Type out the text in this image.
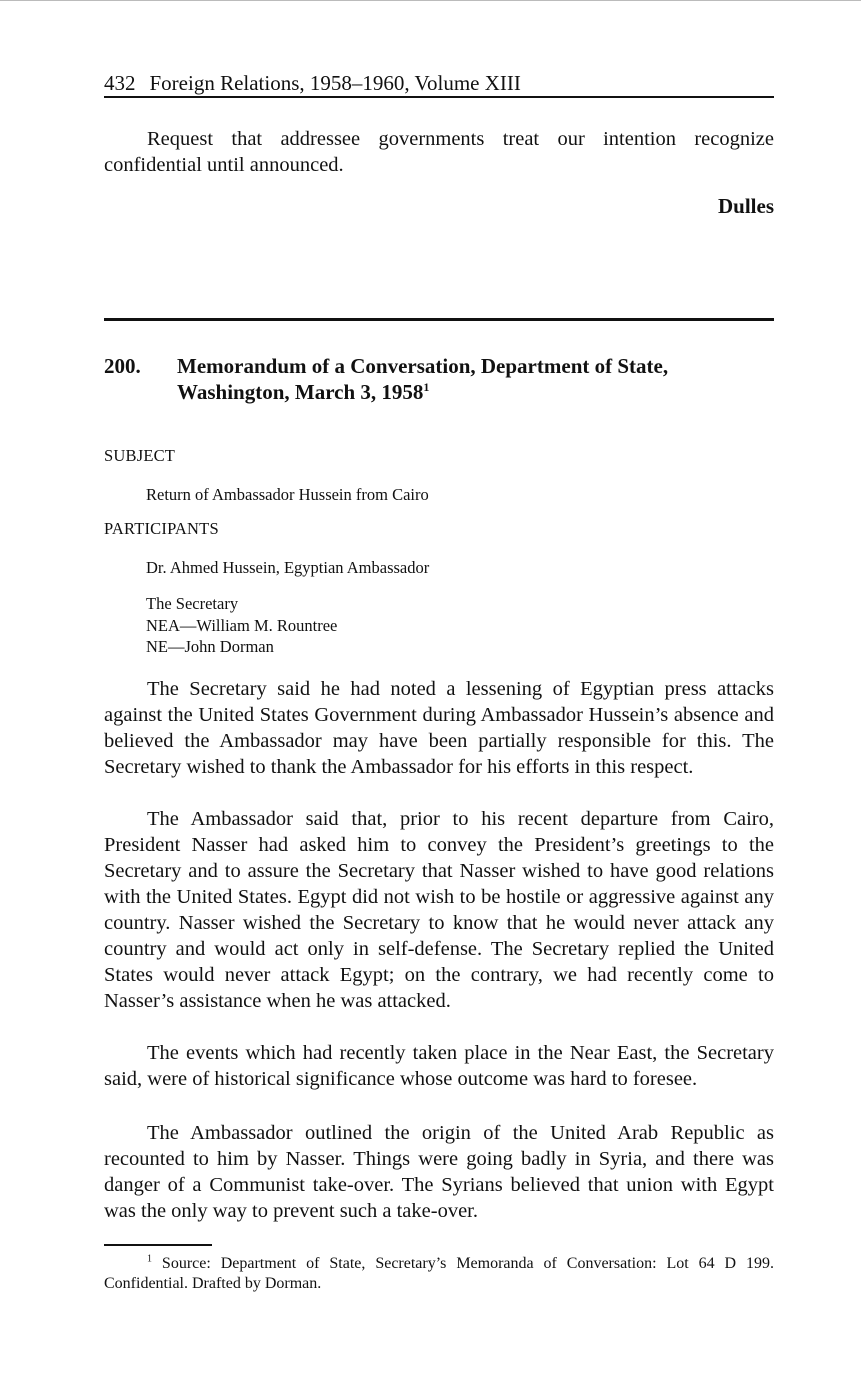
432 Foreign Relations, 1958–1960, Volume XIII

Request that addressee governments treat our intention recognize confidential until announced.

Dulles
200. Memorandum of a Conversation, Department of State, Washington, March 3, 1958$^1$
SUBJECT
Return of Ambassador Hussein from Cairo
PARTICIPANTS
Dr. Ahmed Hussein, Egyptian Ambassador
The Secretary
NEA—William M. Rountree
NE—John Dorman

The Secretary said he had noted a lessening of Egyptian press attacks against the United States Government during Ambassador Hussein’s absence and believed the Ambassador may have been partially responsible for this. The Secretary wished to thank the Ambassador for his efforts in this respect.

The Ambassador said that, prior to his recent departure from Cairo, President Nasser had asked him to convey the President’s greetings to the Secretary and to assure the Secretary that Nasser wished to have good relations with the United States. Egypt did not wish to be hostile or aggressive against any country. Nasser wished the Secretary to know that he would never attack any country and would act only in self-defense. The Secretary replied the United States would never attack Egypt; on the contrary, we had recently come to Nasser’s assistance when he was attacked.

The events which had recently taken place in the Near East, the Secretary said, were of historical significance whose outcome was hard to foresee.

The Ambassador outlined the origin of the United Arab Republic as recounted to him by Nasser. Things were going badly in Syria, and there was danger of a Communist take-over. The Syrians believed that union with Egypt was the only way to prevent such a take-over.

$^1$ Source: Department of State, Secretary’s Memoranda of Conversation: Lot 64 D 199. Confidential. Drafted by Dorman.
